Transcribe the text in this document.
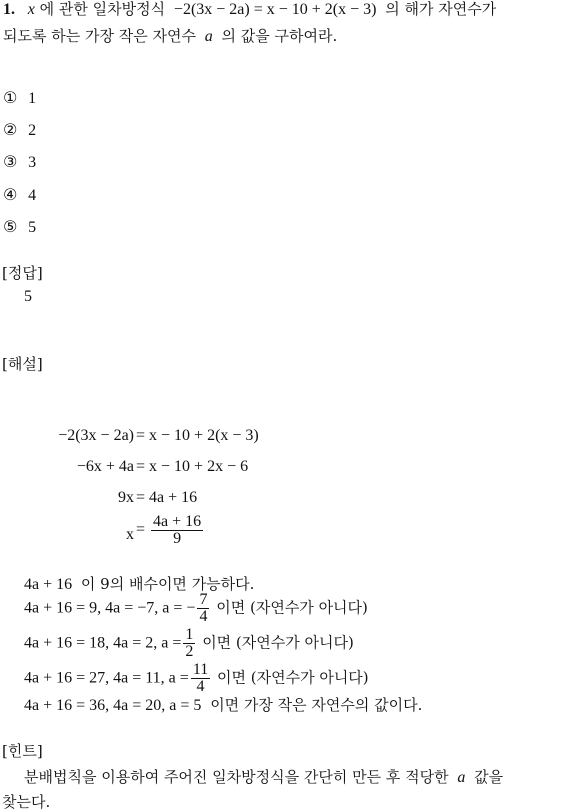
1. x 에 관한 일차방정식 −2(3x − 2a) = x − 10 + 2(x − 3) 의 해가 자연수가
되도록 하는 가장 작은 자연수 a 의 값을 구하여라.
① 1
② 2
③ 3
④ 4
⑤ 5
[정답]
5
[해설]
−2(3x − 2a) = x − 10 + 2(x − 3)
−6x + 4a = x − 10 + 2x − 6
9x = 4a + 16
$x = \frac{4a + 16}{9}$
4a + 16 이 9의 배수이면 가능하다.
4a + 16 = 9, 4a = −7, a = − $\frac{7}{4}$ 이면 (자연수가 아니다)
4a + 16 = 18, 4a = 2, $a = \frac{1}{2}$ 이면 (자연수가 아니다)
4a + 16 = 27, 4a = 11, $a = \frac{11}{4}$ 이면 (자연수가 아니다)
4a + 16 = 36, 4a = 20, a = 5 이면 가장 작은 자연수의 값이다.
[힌트]
분배법칙을 이용하여 주어진 일차방정식을 간단히 만든 후 적당한 a 값을
찾는다.
